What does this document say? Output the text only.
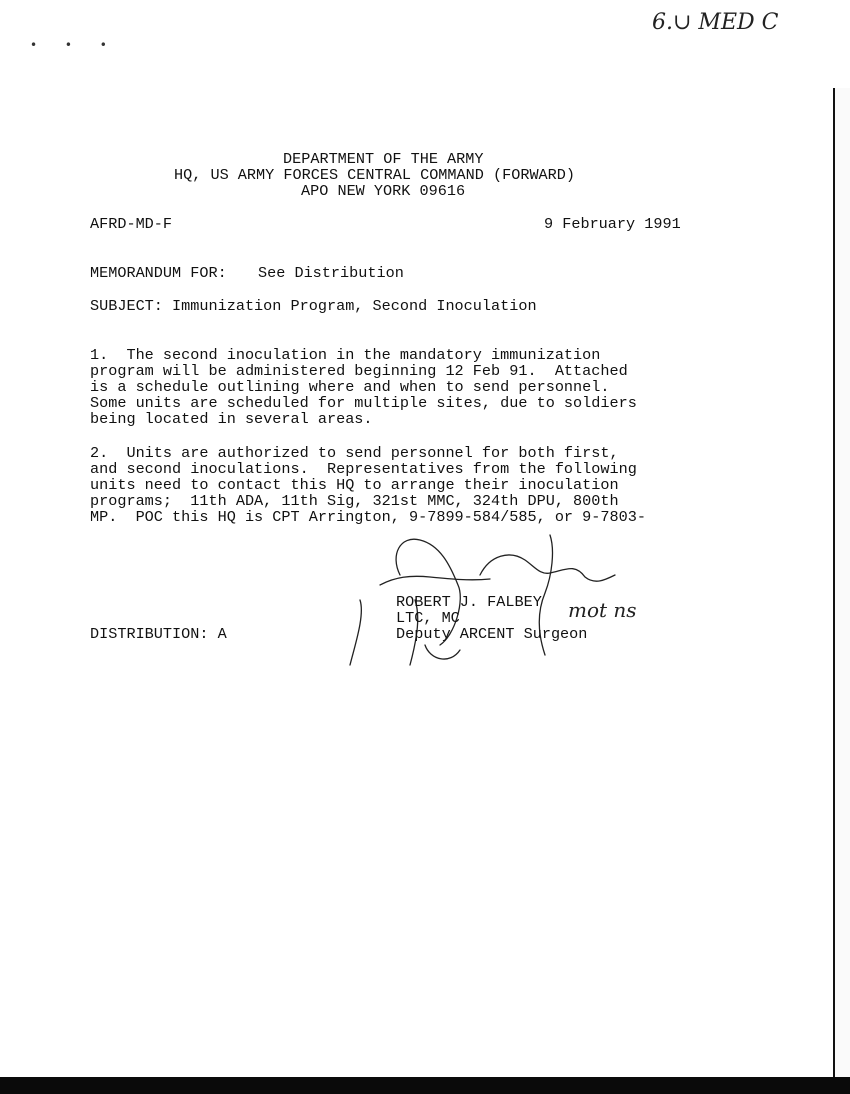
• • •
6.∪ MED C
DEPARTMENT OF THE ARMY
HQ, US ARMY FORCES CENTRAL COMMAND (FORWARD)
APO NEW YORK 09616
AFRD-MD-F	9 February 1991
MEMORANDUM FOR: See Distribution
SUBJECT: Immunization Program, Second Inoculation
1.  The second inoculation in the mandatory immunization
program will be administered beginning 12 Feb 91.  Attached
is a schedule outlining where and when to send personnel.
Some units are scheduled for multiple sites, due to soldiers
being located in several areas.
2.  Units are authorized to send personnel for both first,
and second inoculations.  Representatives from the following
units need to contact this HQ to arrange their inoculation
programs;  11th ADA, 11th Sig, 321st MMC, 324th DPU, 800th
MP.  POC this HQ is CPT Arrington, 9-7899-584/585, or 9-7803-
ROBERT J. FALBEY
LTC, MC
Deputy ARCENT Surgeon
mot ns
DISTRIBUTION: A
